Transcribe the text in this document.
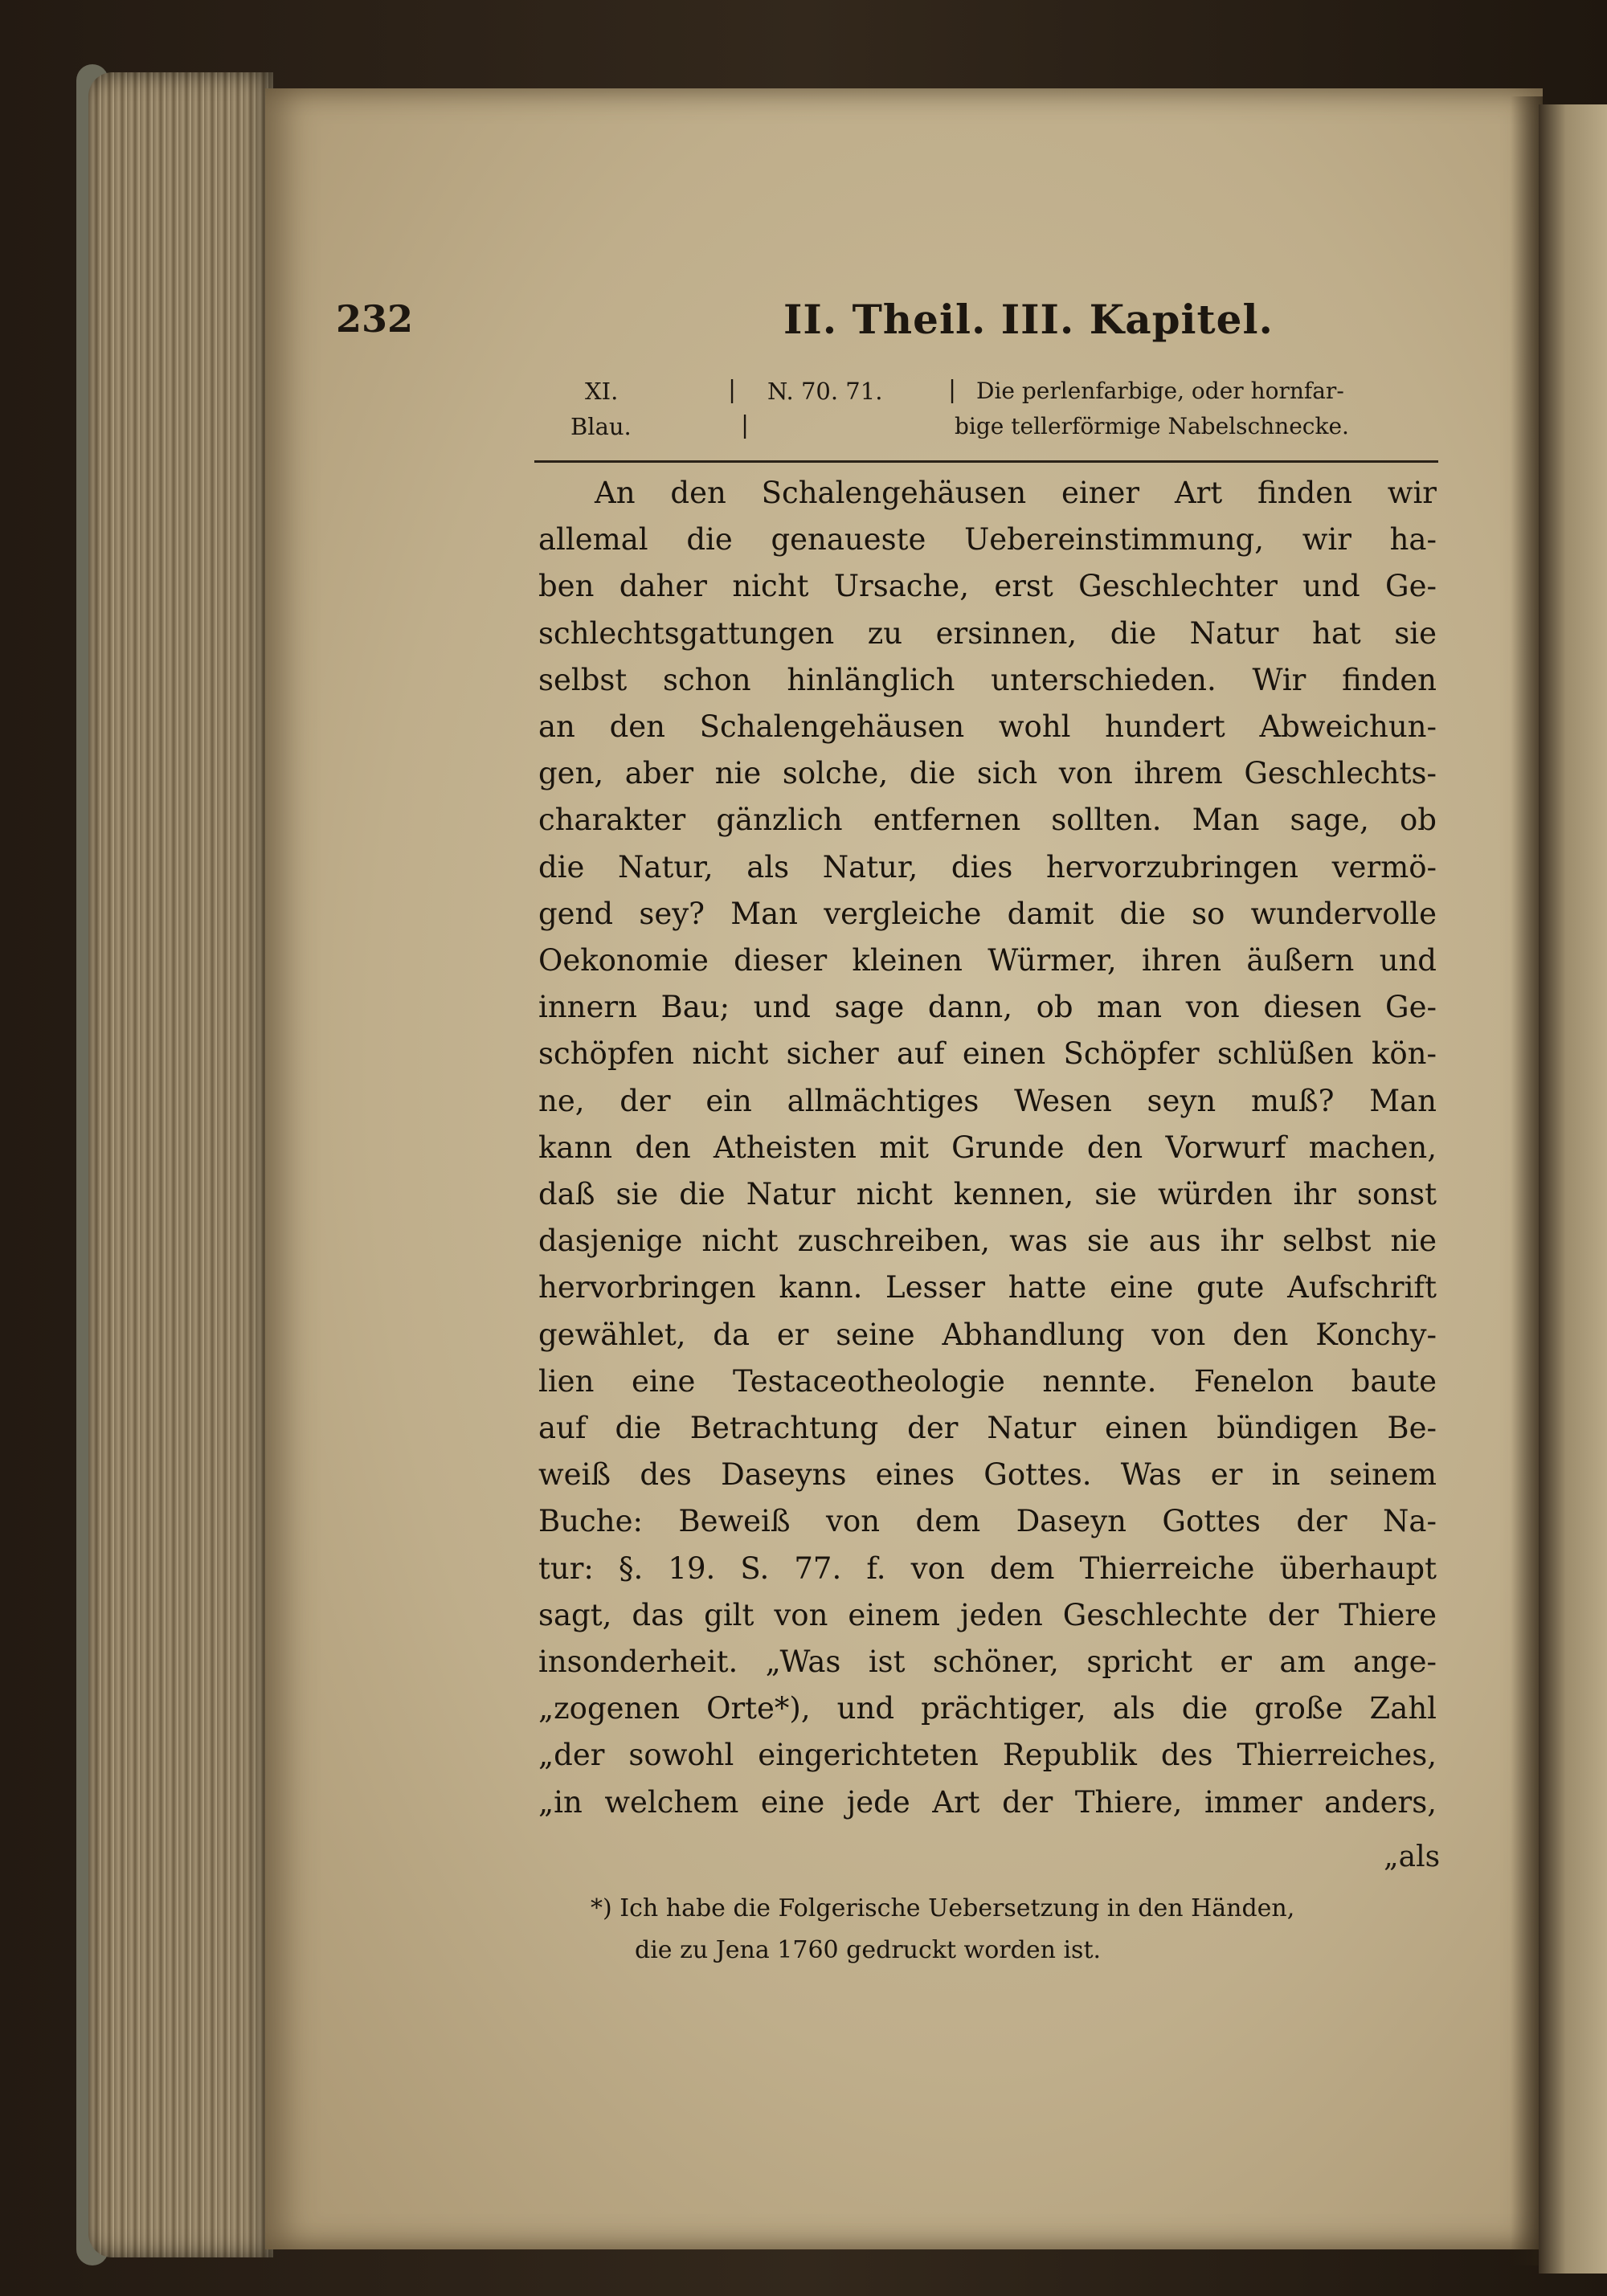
232	II. Theil. III. Kapitel.
XI.
Blau.
|
|
N. 70. 71.	| Die perlenfarbige, oder hornfar-
bige tellerförmige Nabelschnecke.
An den Schalengehäusen einer Art finden wir
allemal die genaueste Uebereinstimmung, wir ha-
ben daher nicht Ursache, erst Geschlechter und Ge-
schlechtsgattungen zu ersinnen, die Natur hat sie
selbst schon hinlänglich unterschieden. Wir finden
an den Schalengehäusen wohl hundert Abweichun-
gen, aber nie solche, die sich von ihrem Geschlechts-
charakter gänzlich entfernen sollten. Man sage, ob
die Natur, als Natur, dies hervorzubringen vermö-
gend sey? Man vergleiche damit die so wundervolle
Oekonomie dieser kleinen Würmer, ihren äußern und
innern Bau; und sage dann, ob man von diesen Ge-
schöpfen nicht sicher auf einen Schöpfer schlüßen kön-
ne, der ein allmächtiges Wesen seyn muß? Man
kann den Atheisten mit Grunde den Vorwurf machen,
daß sie die Natur nicht kennen, sie würden ihr sonst
dasjenige nicht zuschreiben, was sie aus ihr selbst nie
hervorbringen kann. Lesser hatte eine gute Aufschrift
gewählet, da er seine Abhandlung von den Konchy-
lien eine Testaceotheologie nennte. Fenelon baute
auf die Betrachtung der Natur einen bündigen Be-
weiß des Daseyns eines Gottes. Was er in seinem
Buche: Beweiß von dem Daseyn Gottes der Na-
tur: §. 19. S. 77. f. von dem Thierreiche überhaupt
sagt, das gilt von einem jeden Geschlechte der Thiere
insonderheit. „Was ist schöner, spricht er am ange-
„zogenen Orte*), und prächtiger, als die große Zahl
„der sowohl eingerichteten Republik des Thierreiches,
„in welchem eine jede Art der Thiere, immer anders,
„als
*) Ich habe die Folgerische Uebersetzung in den Händen,
die zu Jena 1760 gedruckt worden ist.
